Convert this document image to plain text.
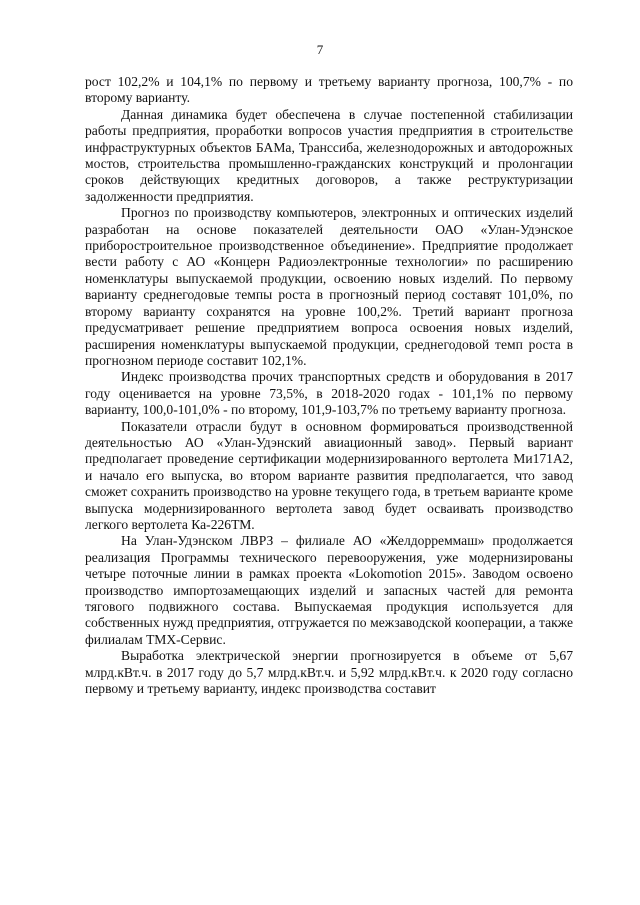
7

рост 102,2% и 104,1% по первому и третьему варианту прогноза, 100,7% - по второму варианту.

Данная динамика будет обеспечена в случае постепенной стабилизации работы предприятия, проработки вопросов участия предприятия в строительстве инфраструктурных объектов БАМа, Транссиба, железнодорожных и автодорожных мостов, строительства промышленно-гражданских конструкций и пролонгации сроков действующих кредитных договоров, а также реструктуризации задолженности предприятия.

Прогноз по производству компьютеров, электронных и оптических изделий разработан на основе показателей деятельности ОАО «Улан-Удэнское приборостроительное производственное объединение». Предприятие продолжает вести работу с АО «Концерн Радиоэлектронные технологии» по расширению номенклатуры выпускаемой продукции, освоению новых изделий. По первому варианту среднегодовые темпы роста в прогнозный период составят 101,0%, по второму варианту сохранятся на уровне 100,2%. Третий вариант прогноза предусматривает решение предприятием вопроса освоения новых изделий, расширения номенклатуры выпускаемой продукции, среднегодовой темп роста в прогнозном периоде составит 102,1%.

Индекс производства прочих транспортных средств и оборудования в 2017 году оценивается на уровне 73,5%, в 2018-2020 годах - 101,1% по первому варианту, 100,0-101,0% - по второму, 101,9-103,7% по третьему варианту прогноза.

Показатели отрасли будут в основном формироваться производственной деятельностью АО «Улан-Удэнский авиационный завод». Первый вариант предполагает проведение сертификации модернизированного вертолета Ми171А2, и начало его выпуска, во втором варианте развития предполагается, что завод сможет сохранить производство на уровне текущего года, в третьем варианте кроме выпуска модернизированного вертолета завод будет осваивать производство легкого вертолета Ка-226ТМ.

На Улан-Удэнском ЛВРЗ – филиале АО «Желдорреммаш» продолжается реализация Программы технического перевооружения, уже модернизированы четыре поточные линии в рамках проекта «Lokomotion 2015». Заводом освоено производство импортозамещающих изделий и запасных частей для ремонта тягового подвижного состава. Выпускаемая продукция используется для собственных нужд предприятия, отгружается по межзаводской кооперации, а также филиалам ТМХ-Сервис.

Выработка электрической энергии прогнозируется в объеме от 5,67 млрд.кВт.ч. в 2017 году до 5,7 млрд.кВт.ч. и 5,92 млрд.кВт.ч. к 2020 году согласно первому и третьему варианту, индекс производства составит
